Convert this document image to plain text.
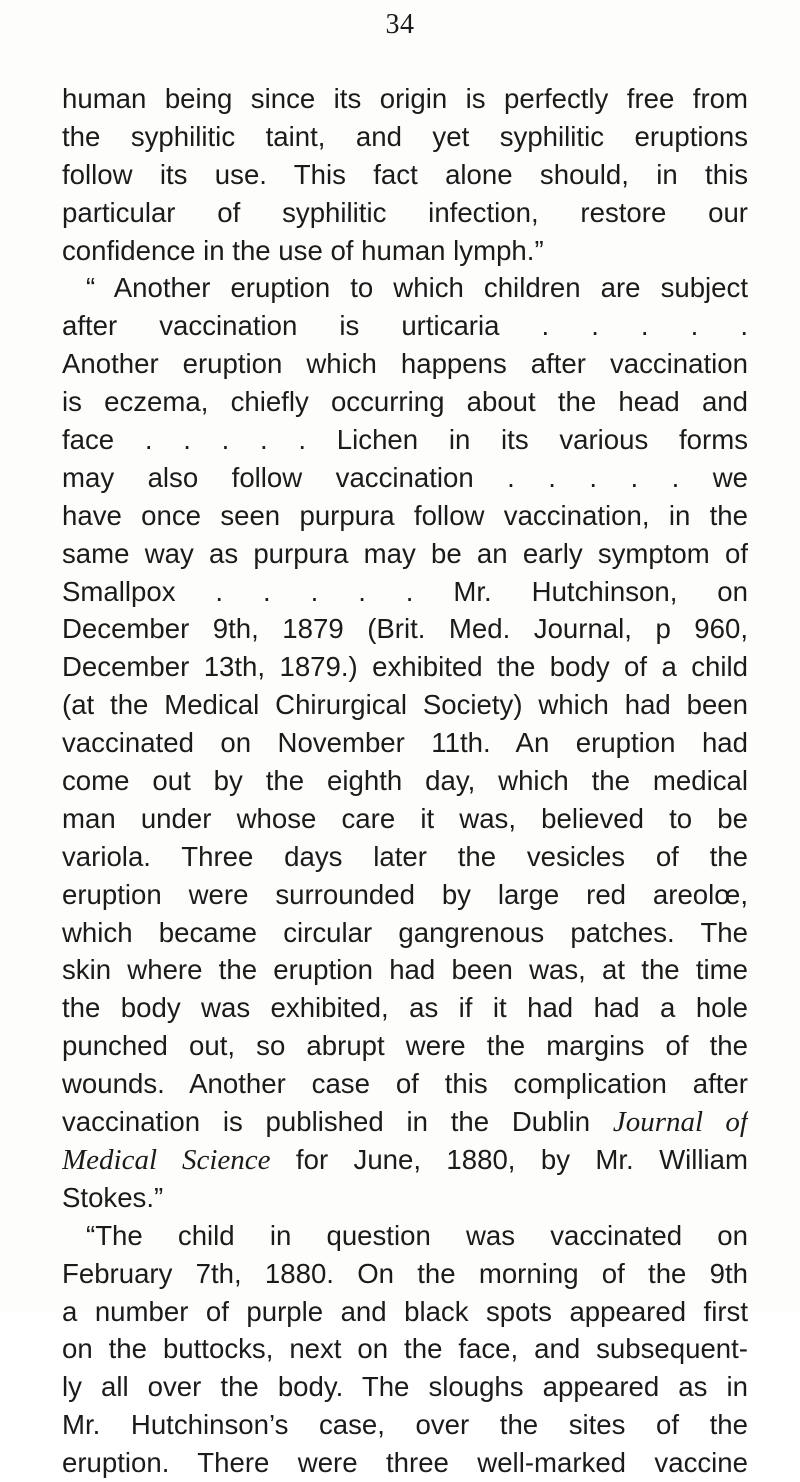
34
human being since its origin is perfectly free from
the syphilitic taint, and yet syphilitic eruptions
follow its use. This fact alone should, in this
particular of syphilitic infection, restore our
confidence in the use of human lymph.”
“ Another eruption to which children are subject
after vaccination is urticaria . . . . .
Another eruption which happens after vaccination
is eczema, chiefly occurring about the head and
face . . . . . Lichen in its various forms
may also follow vaccination . . . . . we
have once seen purpura follow vaccination, in the
same way as purpura may be an early symptom of
Smallpox . . . . . Mr. Hutchinson, on
December 9th, 1879 (Brit. Med. Journal, p 960,
December 13th, 1879.) exhibited the body of a child
(at the Medical Chirurgical Society) which had been
vaccinated on November 11th. An eruption had
come out by the eighth day, which the medical
man under whose care it was, believed to be
variola. Three days later the vesicles of the
eruption were surrounded by large red areolœ,
which became circular gangrenous patches. The
skin where the eruption had been was, at the time
the body was exhibited, as if it had had a hole
punched out, so abrupt were the margins of the
wounds. Another case of this complication after
vaccination is published in the Dublin Journal of
Medical Science for June, 1880, by Mr. William
Stokes.”
“The child in question was vaccinated on
February 7th, 1880. On the morning of the 9th
a number of purple and black spots appeared first
on the buttocks, next on the face, and subsequent-
ly all over the body. The sloughs appeared as in
Mr. Hutchinson’s case, over the sites of the
eruption. There were three well-marked vaccine
